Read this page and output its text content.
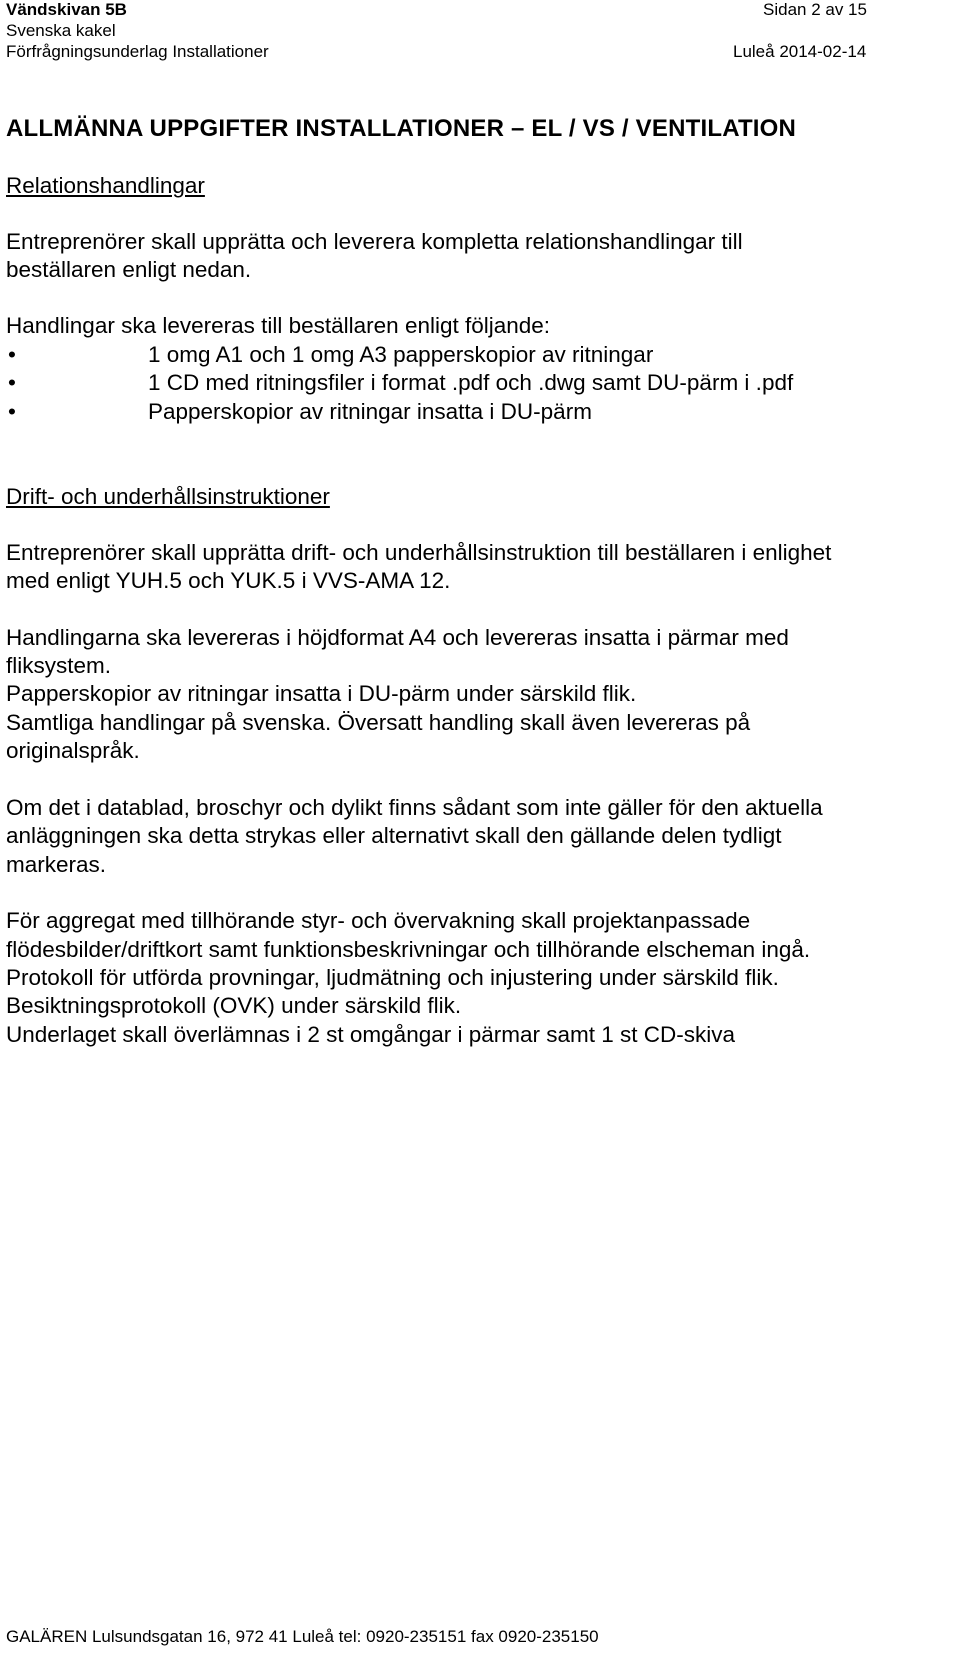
Vändskivan 5B	Sidan 2 av 15
Svenska kakel
Förfrågningsunderlag Installationer	Luleå 2014-02-14
ALLMÄNNA UPPGIFTER INSTALLATIONER – EL / VS / VENTILATION
Relationshandlingar
Entreprenörer skall upprätta och leverera kompletta relationshandlingar till
beställaren enligt nedan.
Handlingar ska levereras till beställaren enligt följande:
•	1 omg A1 och 1 omg A3 papperskopior av ritningar
•	1 CD med ritningsfiler i format .pdf och .dwg samt DU-pärm i .pdf
•	Papperskopior av ritningar insatta i DU-pärm
Drift- och underhållsinstruktioner
Entreprenörer skall upprätta drift- och underhållsinstruktion till beställaren i enlighet
med enligt YUH.5 och YUK.5 i VVS-AMA 12.
Handlingarna ska levereras i höjdformat A4 och levereras insatta i pärmar med
fliksystem.
Papperskopior av ritningar insatta i DU-pärm under särskild flik.
Samtliga handlingar på svenska. Översatt handling skall även levereras på
originalspråk.
Om det i datablad, broschyr och dylikt finns sådant som inte gäller för den aktuella
anläggningen ska detta strykas eller alternativt skall den gällande delen tydligt
markeras.
För aggregat med tillhörande styr- och övervakning skall projektanpassade
flödesbilder/driftkort samt funktionsbeskrivningar och tillhörande elscheman ingå.
Protokoll för utförda provningar, ljudmätning och injustering under särskild flik.
Besiktningsprotokoll (OVK) under särskild flik.
Underlaget skall överlämnas i 2 st omgångar i pärmar samt 1 st CD-skiva
GALÄREN Lulsundsgatan 16, 972 41 Luleå tel: 0920-235151 fax 0920-235150
